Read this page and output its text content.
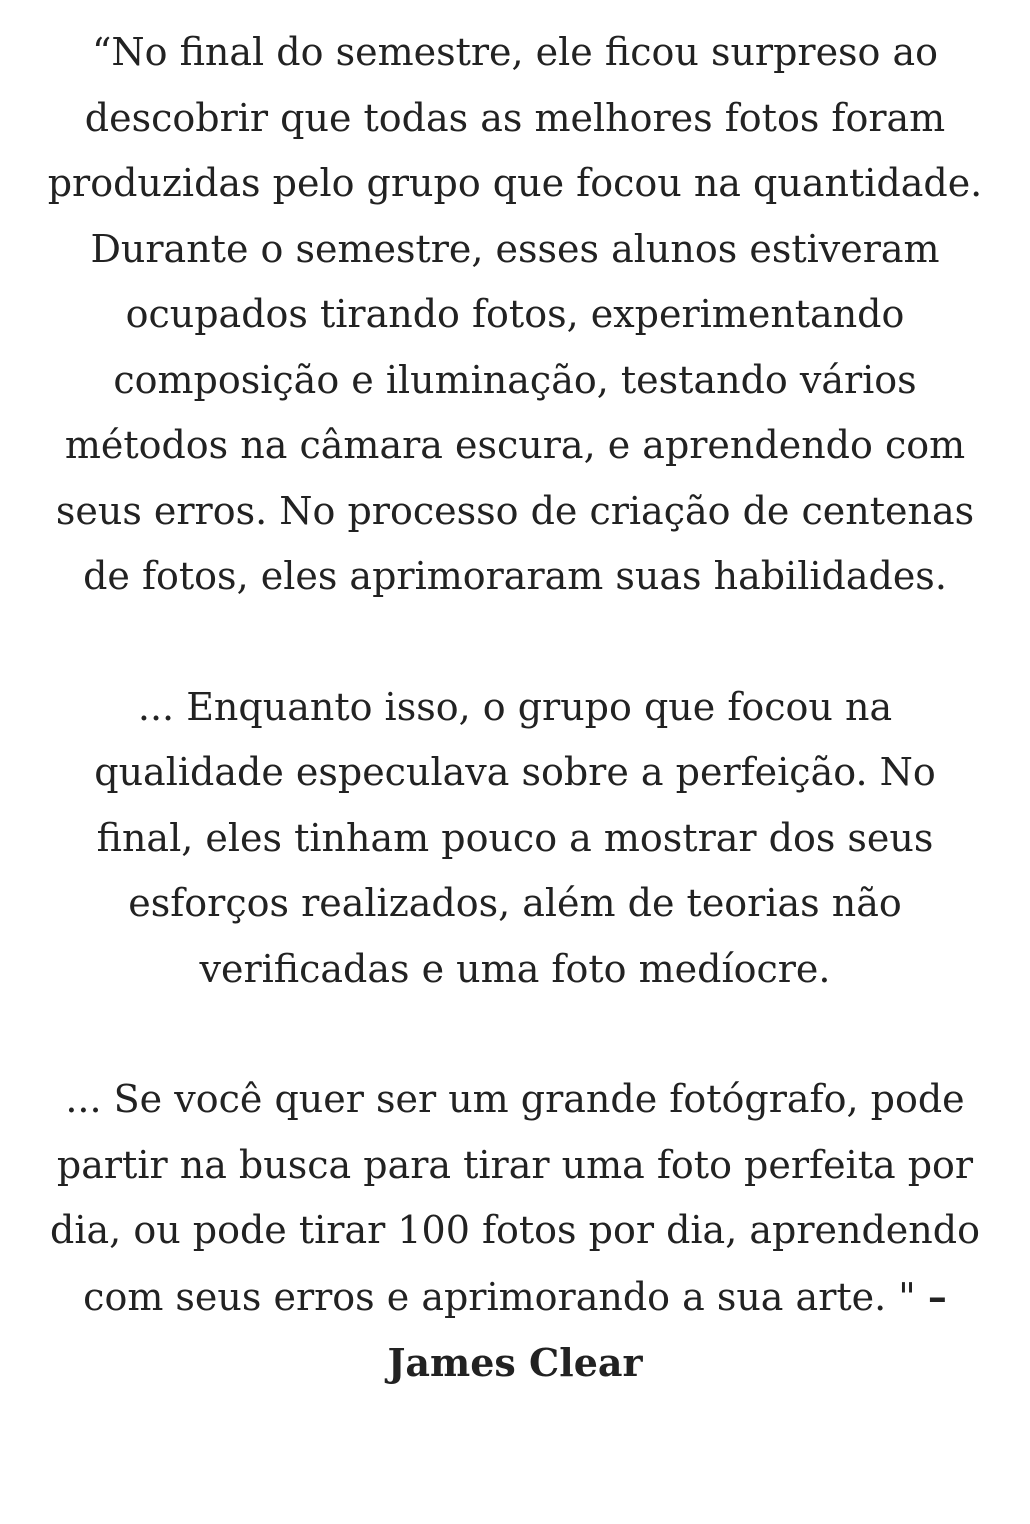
“No final do semestre, ele ficou surpreso ao descobrir que todas as melhores fotos foram produzidas pelo grupo que focou na quantidade. Durante o semestre, esses alunos estiveram ocupados tirando fotos, experimentando composição e iluminação, testando vários métodos na câmara escura, e aprendendo com seus erros. No processo de criação de centenas de fotos, eles aprimoraram suas habilidades.

... Enquanto isso, o grupo que focou na qualidade especulava sobre a perfeição. No final, eles tinham pouco a mostrar dos seus esforços realizados, além de teorias não verificadas e uma foto medíocre.

... Se você quer ser um grande fotógrafo, pode partir na busca para tirar uma foto perfeita por dia, ou pode tirar 100 fotos por dia, aprendendo com seus erros e aprimorando a sua arte. " – James Clear
